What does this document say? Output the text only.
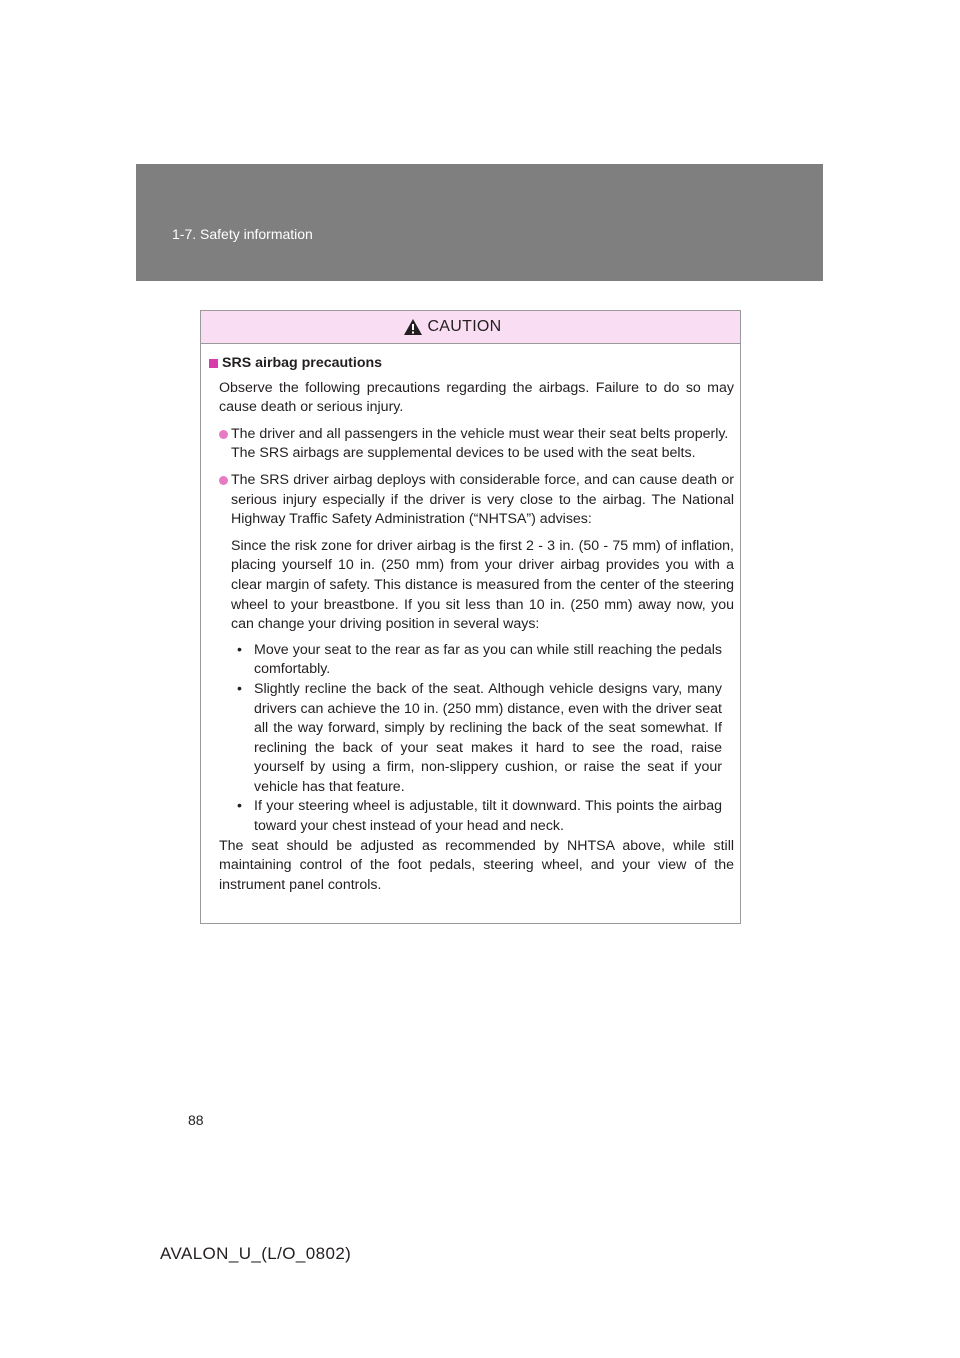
1-7. Safety information
CAUTION
SRS airbag precautions
Observe the following precautions regarding the airbags. Failure to do so may cause death or serious injury.
The driver and all passengers in the vehicle must wear their seat belts properly.
The SRS airbags are supplemental devices to be used with the seat belts.
The SRS driver airbag deploys with considerable force, and can cause death or serious injury especially if the driver is very close to the airbag. The National Highway Traffic Safety Administration (“NHTSA”) advises:
Since the risk zone for driver airbag is the first 2 - 3 in. (50 - 75 mm) of inflation, placing yourself 10 in. (250 mm) from your driver airbag provides you with a clear margin of safety. This distance is measured from the center of the steering wheel to your breastbone. If you sit less than 10 in. (250 mm) away now, you can change your driving position in several ways:
• Move your seat to the rear as far as you can while still reaching the pedals comfortably.
• Slightly recline the back of the seat. Although vehicle designs vary, many drivers can achieve the 10 in. (250 mm) distance, even with the driver seat all the way forward, simply by reclining the back of the seat somewhat. If reclining the back of your seat makes it hard to see the road, raise yourself by using a firm, non-slippery cushion, or raise the seat if your vehicle has that feature.
• If your steering wheel is adjustable, tilt it downward. This points the airbag toward your chest instead of your head and neck.
The seat should be adjusted as recommended by NHTSA above, while still maintaining control of the foot pedals, steering wheel, and your view of the instrument panel controls.
88
AVALON_U_(L/O_0802)
